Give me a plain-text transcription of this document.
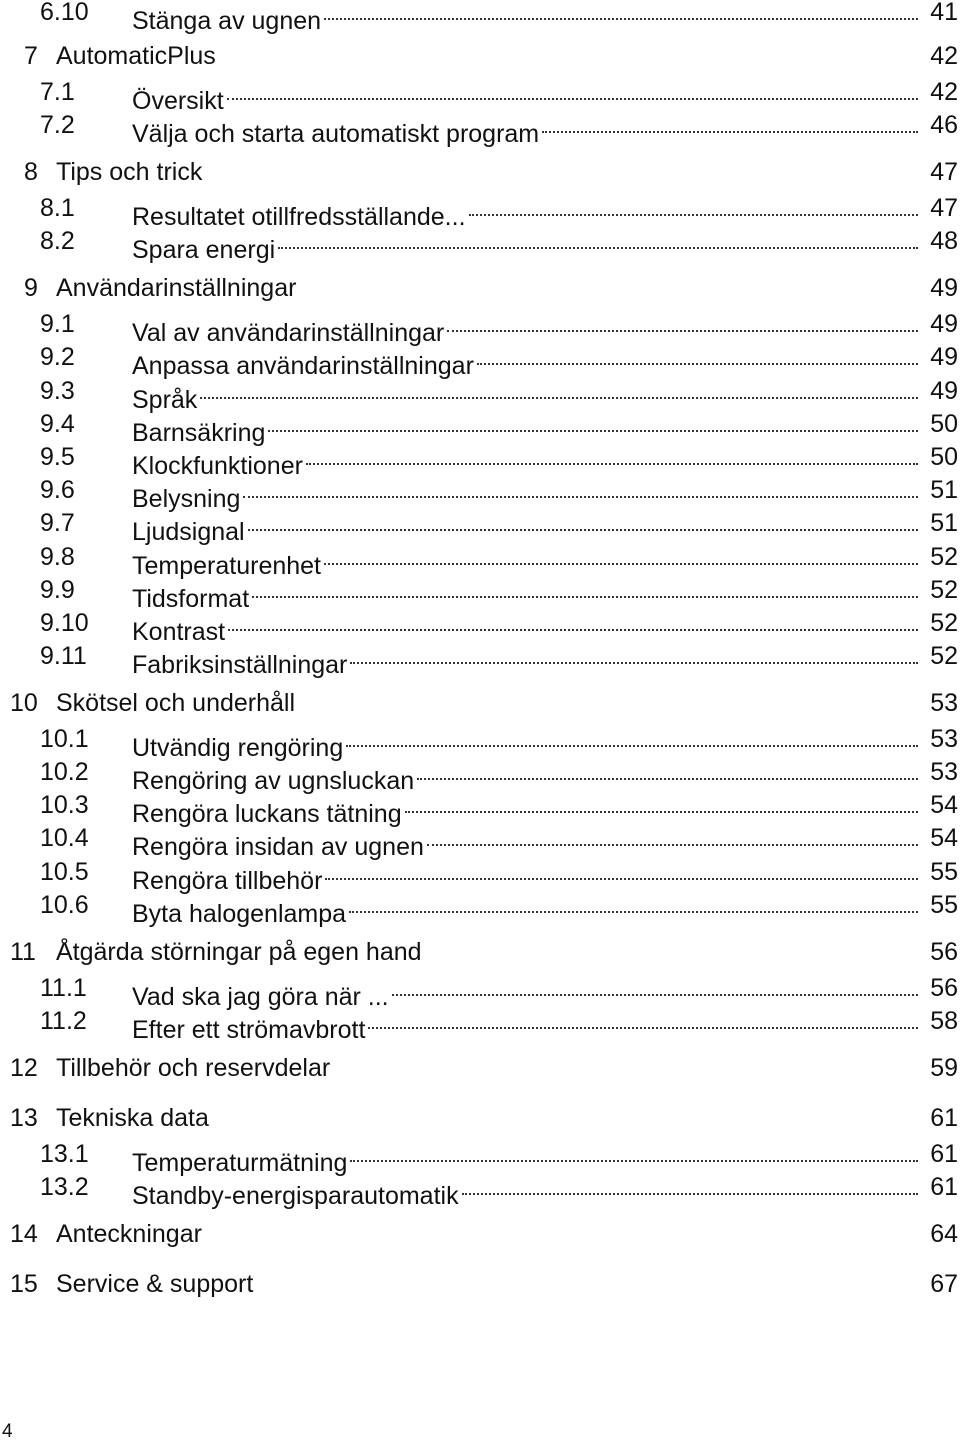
6.10 Stänga av ugnen	41
7 AutomaticPlus	42
7.1 Översikt	42
7.2 Välja och starta automatiskt program	46
8 Tips och trick	47
8.1 Resultatet otillfredsställande...	47
8.2 Spara energi	48
9 Användarinställningar	49
9.1 Val av användarinställningar	49
9.2 Anpassa användarinställningar	49
9.3 Språk	49
9.4 Barnsäkring	50
9.5 Klockfunktioner	50
9.6 Belysning	51
9.7 Ljudsignal	51
9.8 Temperaturenhet	52
9.9 Tidsformat	52
9.10 Kontrast	52
9.11 Fabriksinställningar	52
10 Skötsel och underhåll	53
10.1 Utvändig rengöring	53
10.2 Rengöring av ugnsluckan	53
10.3 Rengöra luckans tätning	54
10.4 Rengöra insidan av ugnen	54
10.5 Rengöra tillbehör	55
10.6 Byta halogenlampa	55
11 Åtgärda störningar på egen hand	56
11.1 Vad ska jag göra när ...	56
11.2 Efter ett strömavbrott	58
12 Tillbehör och reservdelar	59
13 Tekniska data	61
13.1 Temperaturmätning	61
13.2 Standby-energisparautomatik	61
14 Anteckningar	64
15 Service & support	67
4
